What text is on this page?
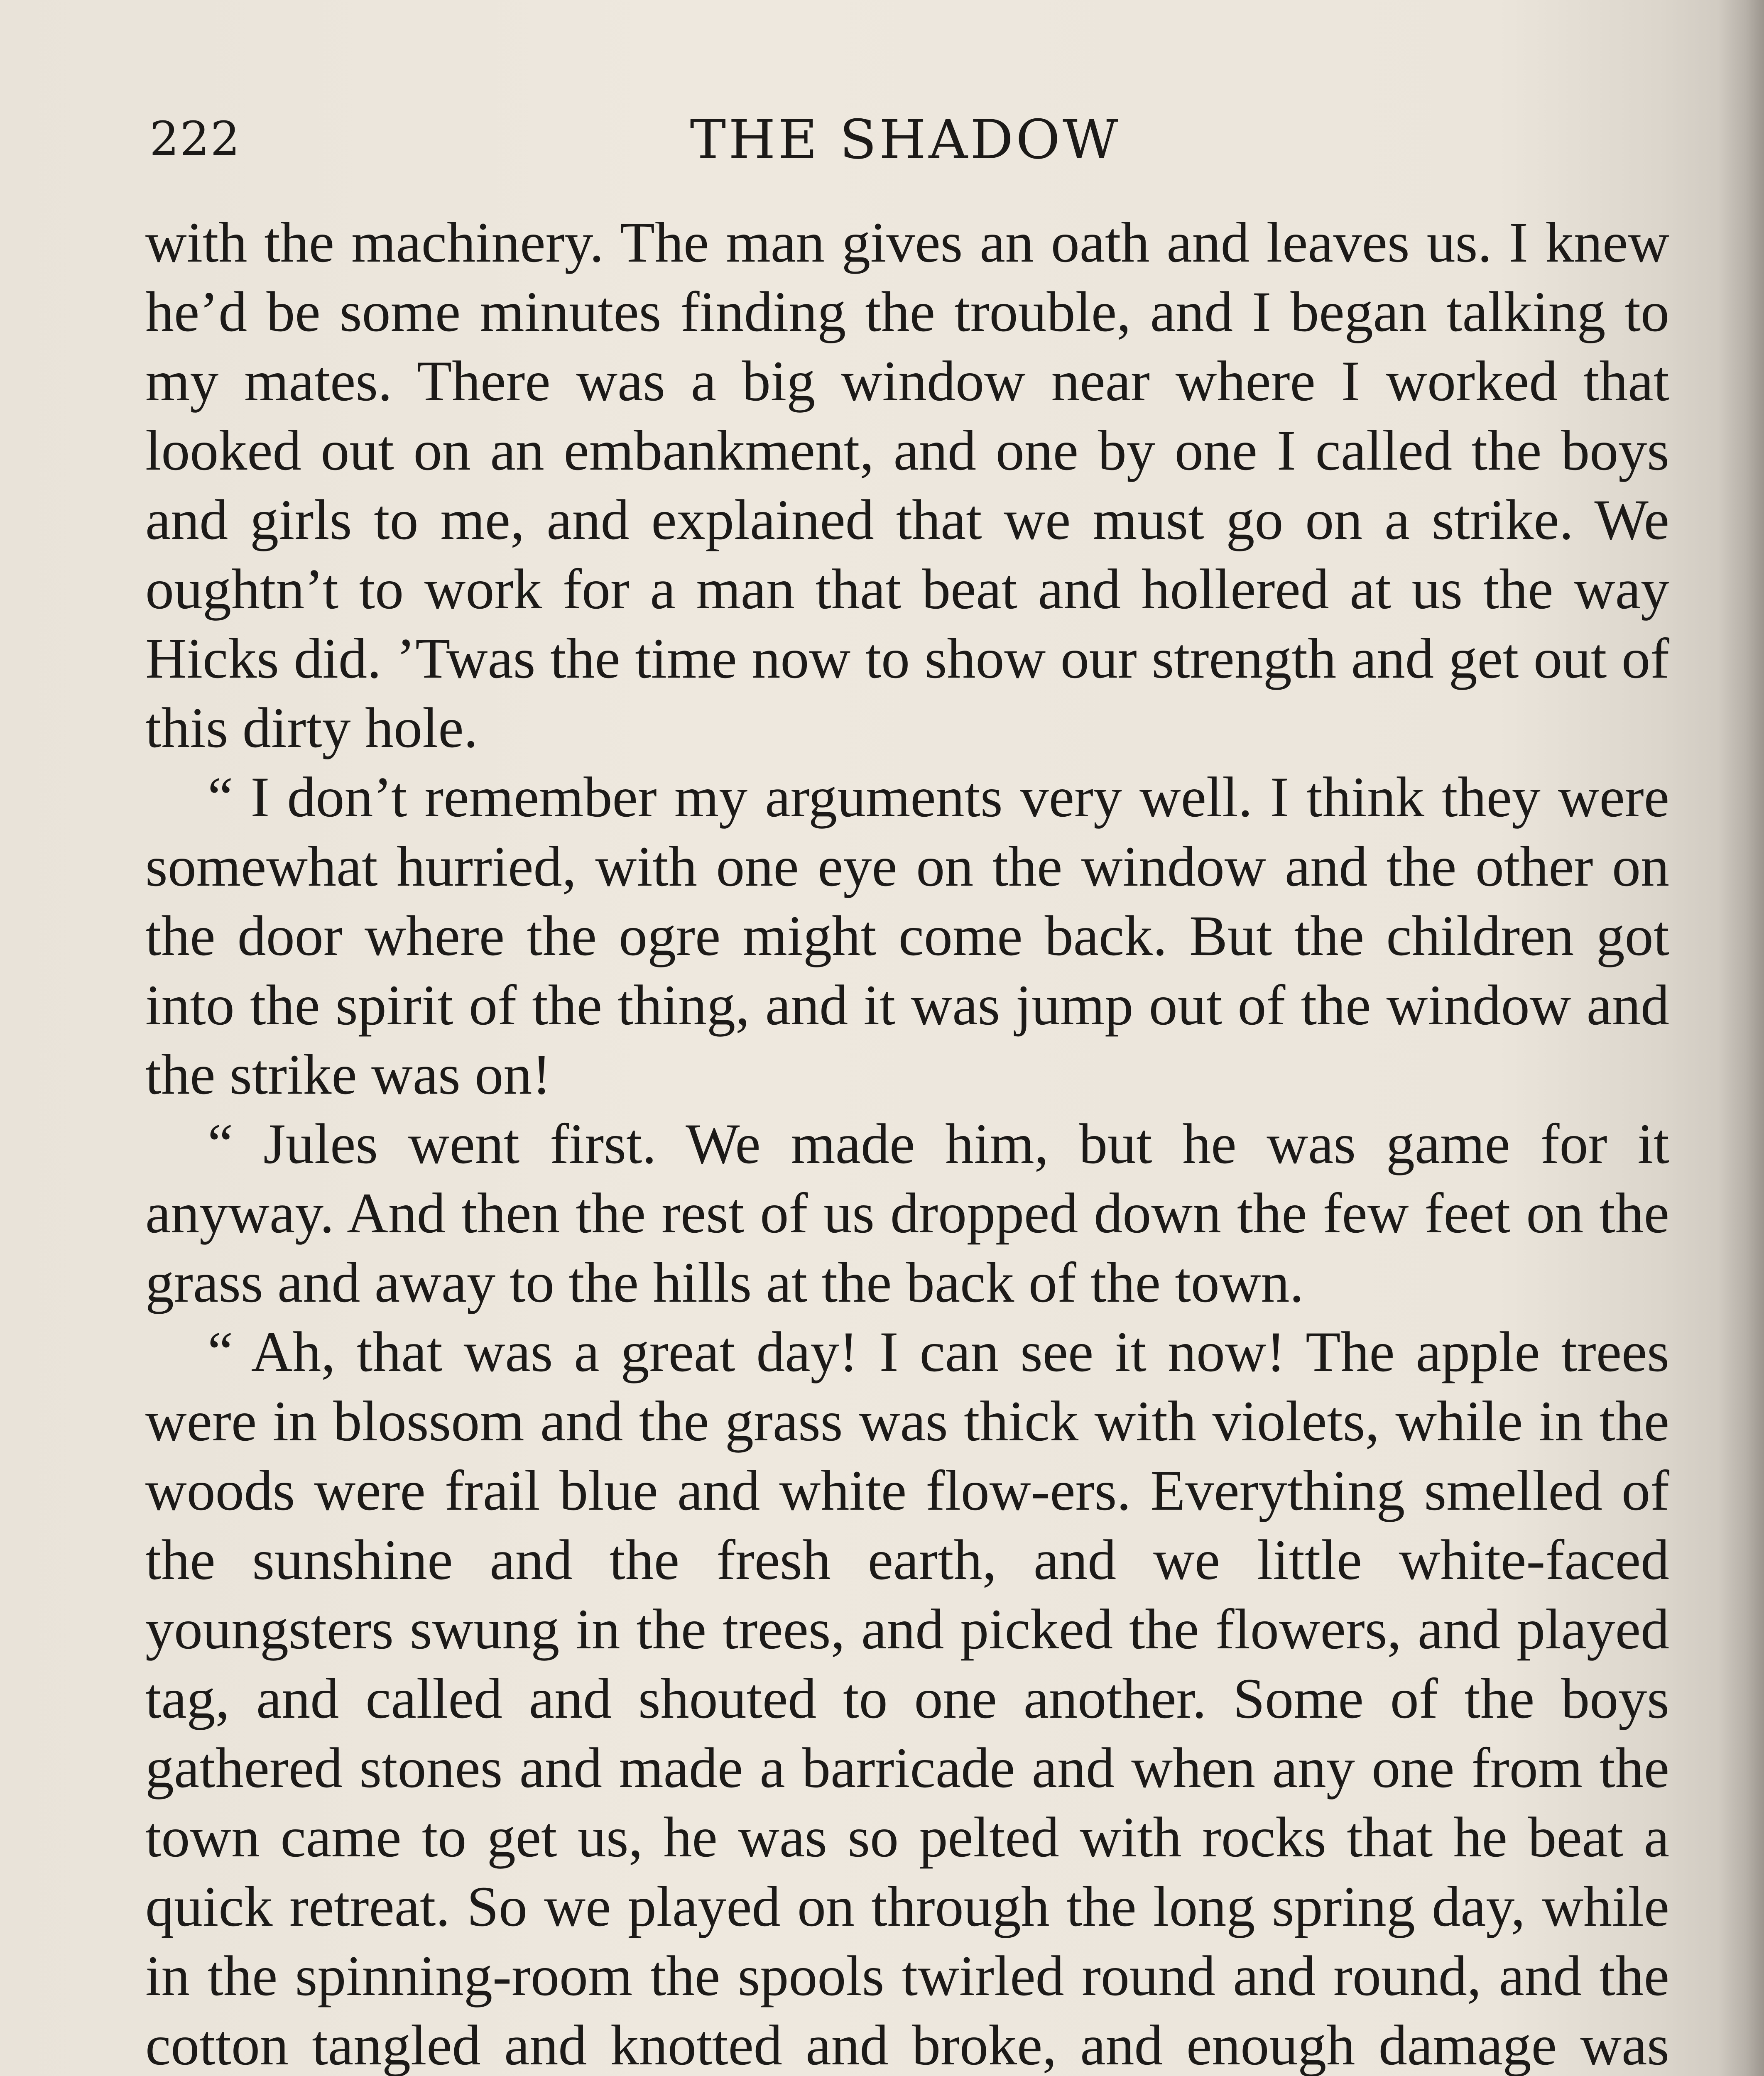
222	THE SHADOW

with the machinery. The man gives an oath and leaves us. I knew he’d be some minutes finding the trouble, and I began talking to my mates. There was a big window near where I worked that looked out on an embankment, and one by one I called the boys and girls to me, and explained that we must go on a strike. We oughtn’t to work for a man that beat and hollered at us the way Hicks did. ’Twas the time now to show our strength and get out of this dirty hole.

“ I don’t remember my arguments very well. I think they were somewhat hurried, with one eye on the window and the other on the door where the ogre might come back. But the children got into the spirit of the thing, and it was jump out of the window and the strike was on!

“ Jules went first. We made him, but he was game for it anyway. And then the rest of us dropped down the few feet on the grass and away to the hills at the back of the town.

“ Ah, that was a great day! I can see it now! The apple trees were in blossom and the grass was thick with violets, while in the woods were frail blue and white flow-ers. Everything smelled of the sunshine and the fresh earth, and we little white-faced youngsters swung in the trees, and picked the flowers, and played tag, and called and shouted to one another. Some of the boys gathered stones and made a barricade and when any one from the town came to get us, he was so pelted with rocks that he beat a quick retreat. So we played on through the long spring day, while in the spinning-room the spools twirled round and round, and the cotton tangled and knotted and broke, and enough damage was
